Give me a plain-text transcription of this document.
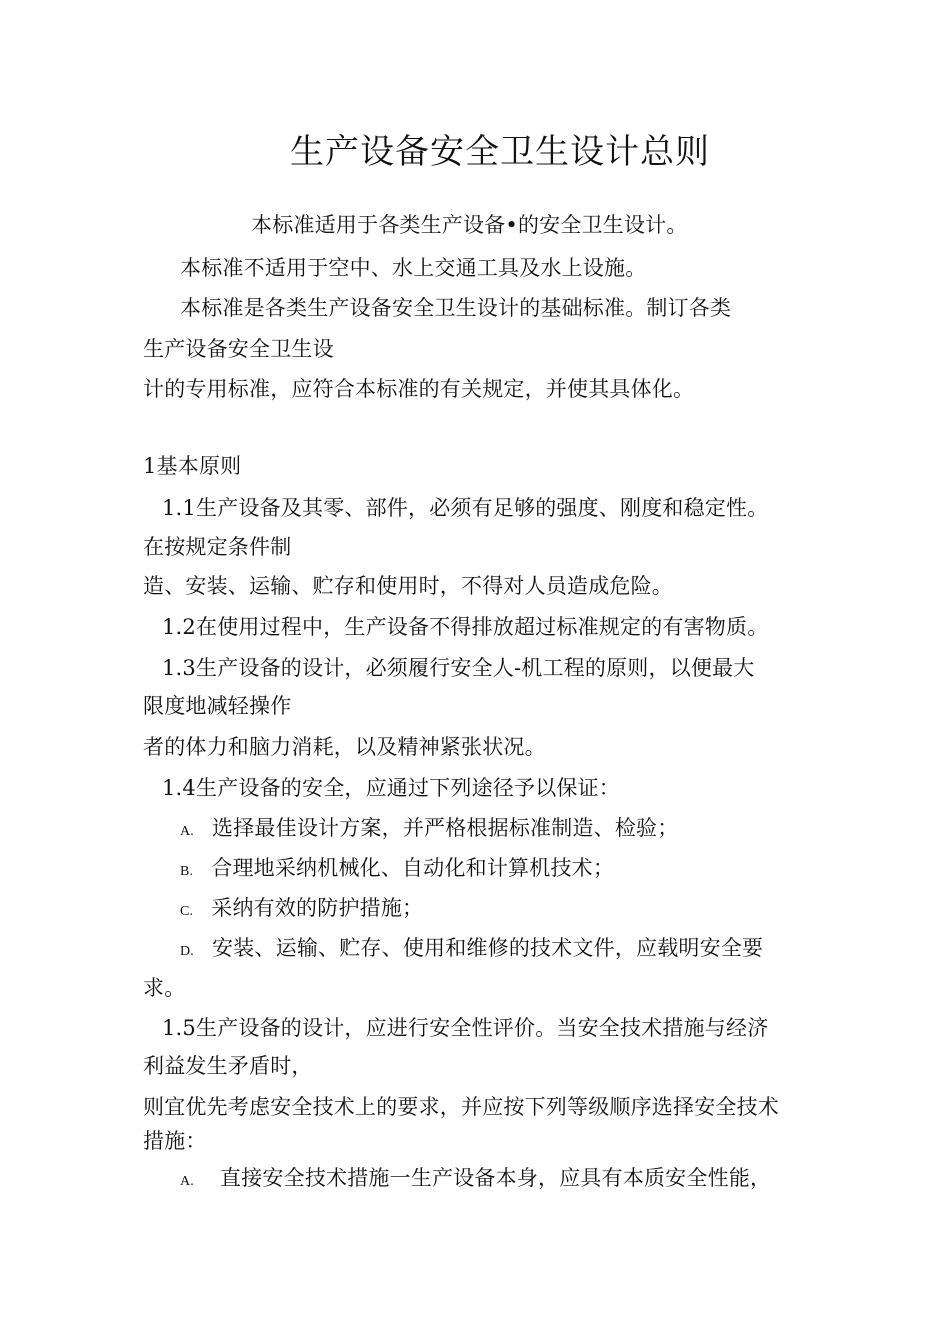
生产设备安全卫生设计总则
本标准适用于各类生产设备•的安全卫生设计。
本标准不适用于空中、水上交通工具及水上设施。
本标准是各类生产设备安全卫生设计的基础标准。制订各类
生产设备安全卫生设
计的专用标准，应符合本标准的有关规定，并使其具体化。
1基本原则
1.1生产设备及其零、部件，必须有足够的强度、刚度和稳定性。
在按规定条件制
造、安装、运输、贮存和使用时，不得对人员造成危险。
1.2在使用过程中，生产设备不得排放超过标准规定的有害物质。
1.3生产设备的设计，必须履行安全人-机工程的原则，以便最大
限度地减轻操作
者的体力和脑力消耗，以及精神紧张状况。
1.4生产设备的安全，应通过下列途径予以保证：
A. 选择最佳设计方案，并严格根据标准制造、检验；
B. 合理地采纳机械化、自动化和计算机技术；
C. 采纳有效的防护措施；
D. 安装、运输、贮存、使用和维修的技术文件，应载明安全要
求。
1.5生产设备的设计，应进行安全性评价。当安全技术措施与经济
利益发生矛盾时，
则宜优先考虑安全技术上的要求，并应按下列等级顺序选择安全技术
措施：
A. 直接安全技术措施一生产设备本身，应具有本质安全性能，
